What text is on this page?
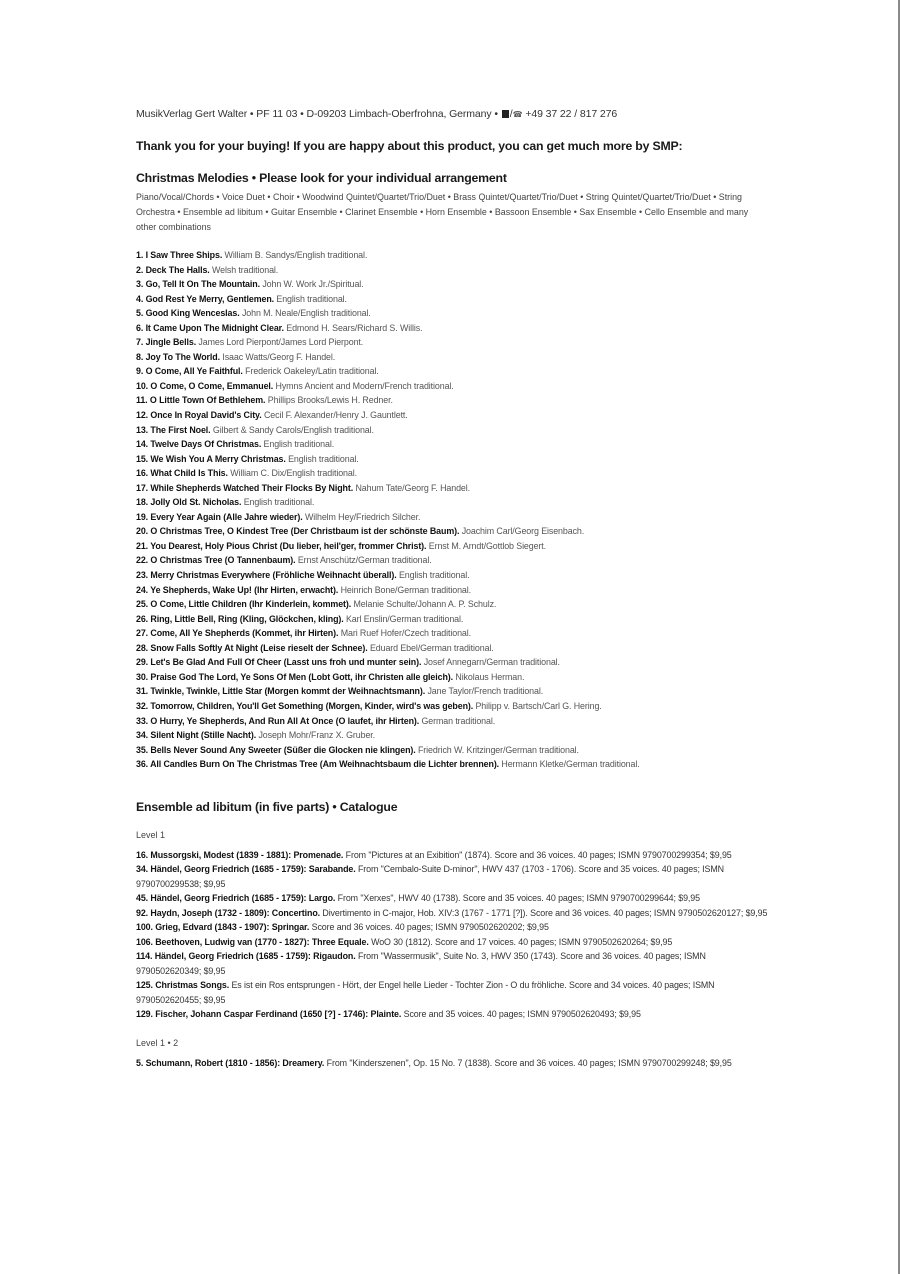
MusikVerlag Gert Walter • PF 11 03 • D-09203 Limbach-Oberfrohna, Germany • /☎ +49 37 22 / 817 276
Thank you for your buying! If you are happy about this product, you can get much more by SMP:
Christmas Melodies • Please look for your individual arrangement
Piano/Vocal/Chords • Voice Duet • Choir • Woodwind Quintet/Quartet/Trio/Duet • Brass Quintet/Quartet/Trio/Duet • String Quintet/Quartet/Trio/Duet • String Orchestra • Ensemble ad libitum • Guitar Ensemble • Clarinet Ensemble • Horn Ensemble • Bassoon Ensemble • Sax Ensemble • Cello Ensemble and many other combinations
1. I Saw Three Ships. William B. Sandys/English traditional.
2. Deck The Halls. Welsh traditional.
3. Go, Tell It On The Mountain. John W. Work Jr./Spiritual.
4. God Rest Ye Merry, Gentlemen. English traditional.
5. Good King Wenceslas. John M. Neale/English traditional.
6. It Came Upon The Midnight Clear. Edmond H. Sears/Richard S. Willis.
7. Jingle Bells. James Lord Pierpont/James Lord Pierpont.
8. Joy To The World. Isaac Watts/Georg F. Handel.
9. O Come, All Ye Faithful. Frederick Oakeley/Latin traditional.
10. O Come, O Come, Emmanuel. Hymns Ancient and Modern/French traditional.
11. O Little Town Of Bethlehem. Phillips Brooks/Lewis H. Redner.
12. Once In Royal David's City. Cecil F. Alexander/Henry J. Gauntlett.
13. The First Noel. Gilbert & Sandy Carols/English traditional.
14. Twelve Days Of Christmas. English traditional.
15. We Wish You A Merry Christmas. English traditional.
16. What Child Is This. William C. Dix/English traditional.
17. While Shepherds Watched Their Flocks By Night. Nahum Tate/Georg F. Handel.
18. Jolly Old St. Nicholas. English traditional.
19. Every Year Again (Alle Jahre wieder). Wilhelm Hey/Friedrich Silcher.
20. O Christmas Tree, O Kindest Tree (Der Christbaum ist der schönste Baum). Joachim Carl/Georg Eisenbach.
21. You Dearest, Holy Pious Christ (Du lieber, heil'ger, frommer Christ). Ernst M. Arndt/Gottlob Siegert.
22. O Christmas Tree (O Tannenbaum). Ernst Anschütz/German traditional.
23. Merry Christmas Everywhere (Fröhliche Weihnacht überall). English traditional.
24. Ye Shepherds, Wake Up! (Ihr Hirten, erwacht). Heinrich Bone/German traditional.
25. O Come, Little Children (Ihr Kinderlein, kommet). Melanie Schulte/Johann A. P. Schulz.
26. Ring, Little Bell, Ring (Kling, Glöckchen, kling). Karl Enslin/German traditional.
27. Come, All Ye Shepherds (Kommet, ihr Hirten). Mari Ruef Hofer/Czech traditional.
28. Snow Falls Softly At Night (Leise rieselt der Schnee). Eduard Ebel/German traditional.
29. Let's Be Glad And Full Of Cheer (Lasst uns froh und munter sein). Josef Annegarn/German traditional.
30. Praise God The Lord, Ye Sons Of Men (Lobt Gott, ihr Christen alle gleich). Nikolaus Herman.
31. Twinkle, Twinkle, Little Star (Morgen kommt der Weihnachtsmann). Jane Taylor/French traditional.
32. Tomorrow, Children, You'll Get Something (Morgen, Kinder, wird's was geben). Philipp v. Bartsch/Carl G. Hering.
33. O Hurry, Ye Shepherds, And Run All At Once (O laufet, ihr Hirten). German traditional.
34. Silent Night (Stille Nacht). Joseph Mohr/Franz X. Gruber.
35. Bells Never Sound Any Sweeter (Süßer die Glocken nie klingen). Friedrich W. Kritzinger/German traditional.
36. All Candles Burn On The Christmas Tree (Am Weihnachtsbaum die Lichter brennen). Hermann Kletke/German traditional.
Ensemble ad libitum (in five parts) • Catalogue
Level 1
16. Mussorgski, Modest (1839 - 1881): Promenade. From "Pictures at an Exibition" (1874). Score and 36 voices. 40 pages; ISMN 9790700299354; $9,95
34. Händel, Georg Friedrich (1685 - 1759): Sarabande. From "Cembalo-Suite D-minor", HWV 437 (1703 - 1706). Score and 35 voices. 40 pages; ISMN 9790700299538; $9,95
45. Händel, Georg Friedrich (1685 - 1759): Largo. From "Xerxes", HWV 40 (1738). Score and 35 voices. 40 pages; ISMN 9790700299644; $9,95
92. Haydn, Joseph (1732 - 1809): Concertino. Divertimento in C-major, Hob. XIV:3 (1767 - 1771 [?]). Score and 36 voices. 40 pages; ISMN 9790502620127; $9,95
100. Grieg, Edvard (1843 - 1907): Springar. Score and 36 voices. 40 pages; ISMN 9790502620202; $9,95
106. Beethoven, Ludwig van (1770 - 1827): Three Equale. WoO 30 (1812). Score and 17 voices. 40 pages; ISMN 9790502620264; $9,95
114. Händel, Georg Friedrich (1685 - 1759): Rigaudon. From "Wassermusik", Suite No. 3, HWV 350 (1743). Score and 36 voices. 40 pages; ISMN 9790502620349; $9,95
125. Christmas Songs. Es ist ein Ros entsprungen - Hört, der Engel helle Lieder - Tochter Zion - O du fröhliche. Score and 34 voices. 40 pages; ISMN 9790502620455; $9,95
129. Fischer, Johann Caspar Ferdinand (1650 [?] - 1746): Plainte. Score and 35 voices. 40 pages; ISMN 9790502620493; $9,95
Level 1 • 2
5. Schumann, Robert (1810 - 1856): Dreamery. From "Kinderszenen", Op. 15 No. 7 (1838). Score and 36 voices. 40 pages; ISMN 9790700299248; $9,95
